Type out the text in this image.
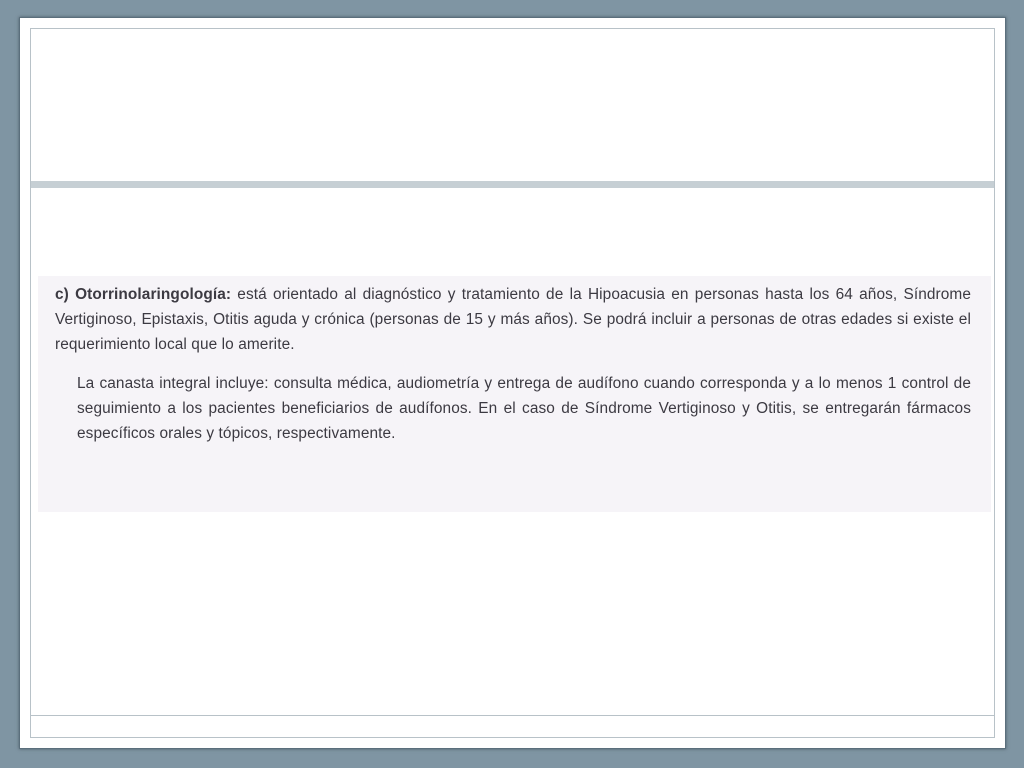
c) Otorrinolaringología: está orientado al diagnóstico y tratamiento de la Hipoacusia en personas hasta los 64 años, Síndrome Vertiginoso, Epistaxis, Otitis aguda y crónica (personas de 15 y más años). Se podrá incluir a personas de otras edades si existe el requerimiento local que lo amerite.

La canasta integral incluye: consulta médica, audiometría y entrega de audífono cuando corresponda y a lo menos 1 control de seguimiento a los pacientes beneficiarios de audífonos. En el caso de Síndrome Vertiginoso y Otitis, se entregarán fármacos específicos orales y tópicos, respectivamente.
